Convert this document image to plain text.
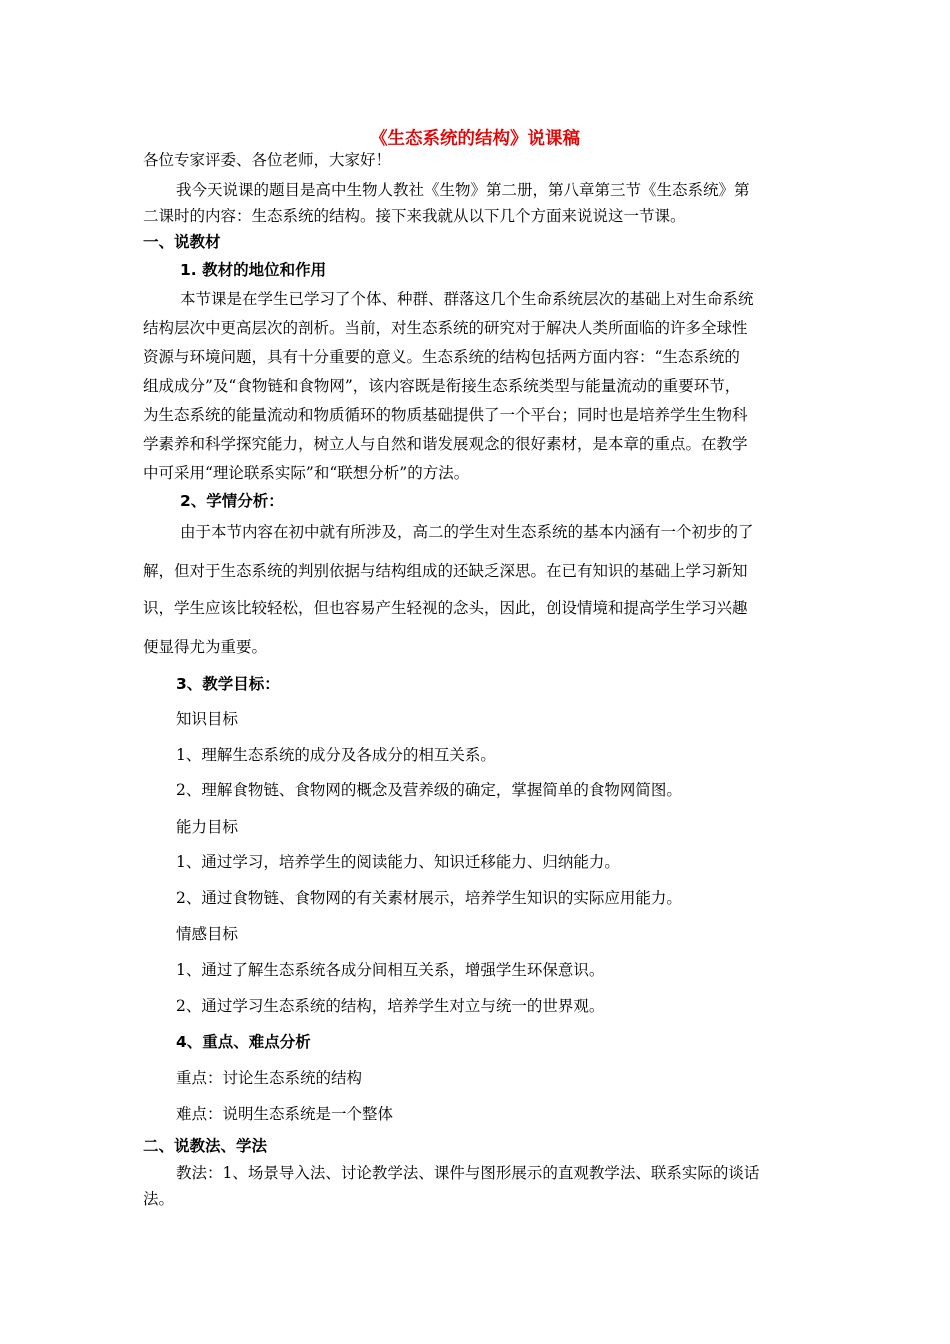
《生态系统的结构》说课稿
各位专家评委、各位老师，大家好！
我今天说课的题目是高中生物人教社《生物》第二册，第八章第三节《生态系统》第
二课时的内容：生态系统的结构。接下来我就从以下几个方面来说说这一节课。
一、说教材
1. 教材的地位和作用
本节课是在学生已学习了个体、种群、群落这几个生命系统层次的基础上对生命系统
结构层次中更高层次的剖析。当前，对生态系统的研究对于解决人类所面临的许多全球性
资源与环境问题，具有十分重要的意义。生态系统的结构包括两方面内容：“生态系统的
组成成分”及“食物链和食物网”，该内容既是衔接生态系统类型与能量流动的重要环节，
为生态系统的能量流动和物质循环的物质基础提供了一个平台；同时也是培养学生生物科
学素养和科学探究能力，树立人与自然和谐发展观念的很好素材，是本章的重点。在教学
中可采用“理论联系实际”和“联想分析”的方法。
2、学情分析：
由于本节内容在初中就有所涉及，高二的学生对生态系统的基本内涵有一个初步的了
解，但对于生态系统的判别依据与结构组成的还缺乏深思。在已有知识的基础上学习新知
识，学生应该比较轻松，但也容易产生轻视的念头，因此，创设情境和提高学生学习兴趣
便显得尤为重要。
3、教学目标：
知识目标
1、理解生态系统的成分及各成分的相互关系。
2、理解食物链、食物网的概念及营养级的确定，掌握简单的食物网简图。
能力目标
1、通过学习，培养学生的阅读能力、知识迁移能力、归纳能力。
2、通过食物链、食物网的有关素材展示，培养学生知识的实际应用能力。
情感目标
1、通过了解生态系统各成分间相互关系，增强学生环保意识。
2、通过学习生态系统的结构，培养学生对立与统一的世界观。
4、重点、难点分析
重点：讨论生态系统的结构
难点：说明生态系统是一个整体
二、说教法、学法
教法：1、场景导入法、讨论教学法、课件与图形展示的直观教学法、联系实际的谈话
法。
